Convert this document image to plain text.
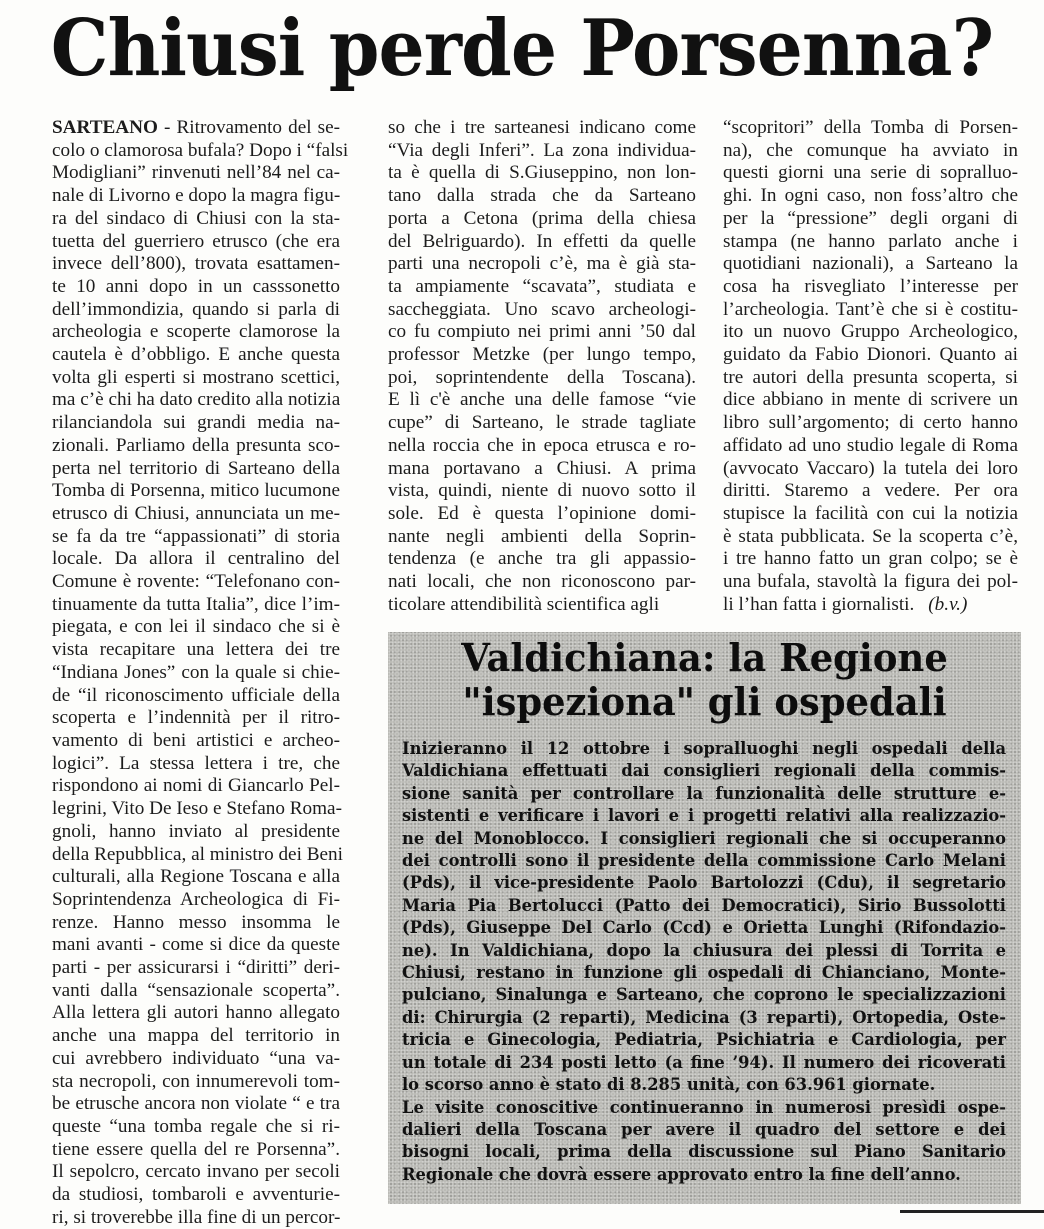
Chiusi perde Porsenna?
SARTEANO - Ritrovamento del se-
colo o clamorosa bufala? Dopo i “falsi
Modigliani” rinvenuti nell’84 nel ca-
nale di Livorno e dopo la magra figu-
ra del sindaco di Chiusi con la sta-
tuetta del guerriero etrusco (che era
invece dell’800), trovata esattamen-
te 10 anni dopo in un casssonetto
dell’immondizia, quando si parla di
archeologia e scoperte clamorose la
cautela è d’obbligo. E anche questa
volta gli esperti si mostrano scettici,
ma c’è chi ha dato credito alla notizia
rilanciandola sui grandi media na-
zionali. Parliamo della presunta sco-
perta nel territorio di Sarteano della
Tomba di Porsenna, mitico lucumone
etrusco di Chiusi, annunciata un me-
se fa da tre “appassionati” di storia
locale. Da allora il centralino del
Comune è rovente: “Telefonano con-
tinuamente da tutta Italia”, dice l’im-
piegata, e con lei il sindaco che si è
vista recapitare una lettera dei tre
“Indiana Jones” con la quale si chie-
de “il riconoscimento ufficiale della
scoperta e l’indennità per il ritro-
vamento di beni artistici e archeo-
logici”. La stessa lettera i tre, che
rispondono ai nomi di Giancarlo Pel-
legrini, Vito De Ieso e Stefano Roma-
gnoli, hanno inviato al presidente
della Repubblica, al ministro dei Beni
culturali, alla Regione Toscana e alla
Soprintendenza Archeologica di Fi-
renze. Hanno messo insomma le
mani avanti - come si dice da queste
parti - per assicurarsi i “diritti” deri-
vanti dalla “sensazionale scoperta”.
Alla lettera gli autori hanno allegato
anche una mappa del territorio in
cui avrebbero individuato “una va-
sta necropoli, con innumerevoli tom-
be etrusche ancora non violate “ e tra
queste “una tomba regale che si ri-
tiene essere quella del re Porsenna”.
Il sepolcro, cercato invano per secoli
da studiosi, tombaroli e avventurie-
ri, si troverebbe illa fine di un percor-
so che i tre sarteanesi indicano come
“Via degli Inferi”. La zona individua-
ta è quella di S.Giuseppino, non lon-
tano dalla strada che da Sarteano
porta a Cetona (prima della chiesa
del Belriguardo). In effetti da quelle
parti una necropoli c’è, ma è già sta-
ta ampiamente “scavata”, studiata e
saccheggiata. Uno scavo archeologi-
co fu compiuto nei primi anni ’50 dal
professor Metzke (per lungo tempo,
poi, soprintendente della Toscana).
E lì c'è anche una delle famose “vie
cupe” di Sarteano, le strade tagliate
nella roccia che in epoca etrusca e ro-
mana portavano a Chiusi. A prima
vista, quindi, niente di nuovo sotto il
sole. Ed è questa l’opinione domi-
nante negli ambienti della Soprin-
tendenza (e anche tra gli appassio-
nati locali, che non riconoscono par-
ticolare attendibilità scientifica agli
“scopritori” della Tomba di Porsen-
na), che comunque ha avviato in
questi giorni una serie di sopralluo-
ghi. In ogni caso, non foss’altro che
per la “pressione” degli organi di
stampa (ne hanno parlato anche i
quotidiani nazionali), a Sarteano la
cosa ha risvegliato l’interesse per
l’archeologia. Tant’è che si è costitu-
ito un nuovo Gruppo Archeologico,
guidato da Fabio Dionori. Quanto ai
tre autori della presunta scoperta, si
dice abbiano in mente di scrivere un
libro sull’argomento; di certo hanno
affidato ad uno studio legale di Roma
(avvocato Vaccaro) la tutela dei loro
diritti. Staremo a vedere. Per ora
stupisce la facilità con cui la notizia
è stata pubblicata. Se la scoperta c’è,
i tre hanno fatto un gran colpo; se è
una bufala, stavoltà la figura dei pol-
li l’han fatta i giornalisti. (b.v.)
Valdichiana: la Regione
"ispeziona" gli ospedali
Inizieranno il 12 ottobre i sopralluoghi negli ospedali della
Valdichiana effettuati dai consiglieri regionali della commis-
sione sanità per controllare la funzionalità delle strutture e-
sistenti e verificare i lavori e i progetti relativi alla realizzazio-
ne del Monoblocco. I consiglieri regionali che si occuperanno
dei controlli sono il presidente della commissione Carlo Melani
(Pds), il vice-presidente Paolo Bartolozzi (Cdu), il segretario
Maria Pia Bertolucci (Patto dei Democratici), Sirio Bussolotti
(Pds), Giuseppe Del Carlo (Ccd) e Orietta Lunghi (Rifondazio-
ne). In Valdichiana, dopo la chiusura dei plessi di Torrita e
Chiusi, restano in funzione gli ospedali di Chianciano, Monte-
pulciano, Sinalunga e Sarteano, che coprono le specializzazioni
di: Chirurgia (2 reparti), Medicina (3 reparti), Ortopedia, Oste-
tricia e Ginecologia, Pediatria, Psichiatria e Cardiologia, per
un totale di 234 posti letto (a fine ’94). Il numero dei ricoverati
lo scorso anno è stato di 8.285 unità, con 63.961 giornate.
Le visite conoscitive continueranno in numerosi presìdi ospe-
dalieri della Toscana per avere il quadro del settore e dei
bisogni locali, prima della discussione sul Piano Sanitario
Regionale che dovrà essere approvato entro la fine dell’anno.
